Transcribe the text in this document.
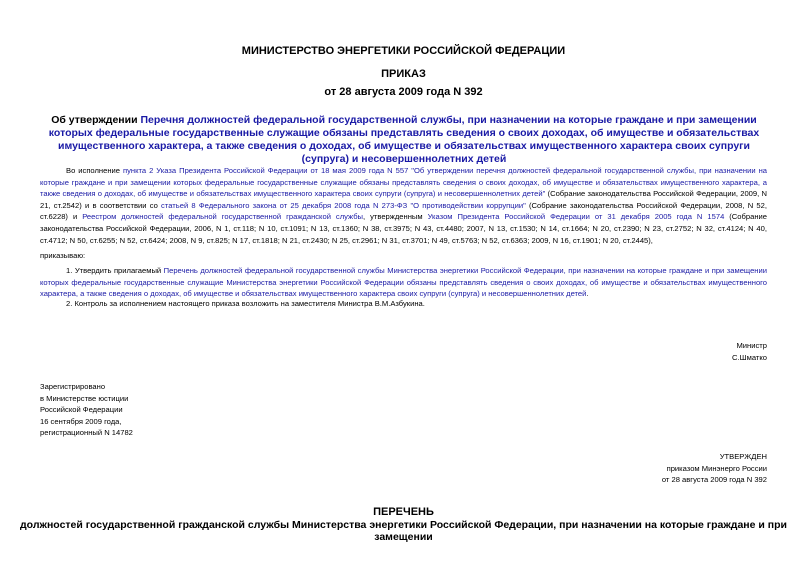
МИНИСТЕРСТВО ЭНЕРГЕТИКИ РОССИЙСКОЙ ФЕДЕРАЦИИ
ПРИКАЗ
от 28 августа 2009 года N 392
Об утверждении Перечня должностей федеральной государственной службы, при назначении на которые граждане и при замещении которых федеральные государственные служащие обязаны представлять сведения о своих доходах, об имуществе и обязательствах имущественного характера, а также сведения о доходах, об имуществе и обязательствах имущественного характера своих супруги (супруга) и несовершеннолетних детей
Во исполнение пункта 2 Указа Президента Российской Федерации от 18 мая 2009 года N 557 "Об утверждении перечня должностей федеральной государственной службы, при назначении на которые граждане и при замещении которых федеральные государственные служащие обязаны представлять сведения о своих доходах, об имуществе и обязательствах имущественного характера, а также сведения о доходах, об имуществе и обязательствах имущественного характера своих супруги (супруга) и несовершеннолетних детей" (Собрание законодательства Российской Федерации, 2009, N 21, ст.2542) и в соответствии со статьей 8 Федерального закона от 25 декабря 2008 года N 273-ФЗ "О противодействии коррупции" (Собрание законодательства Российской Федерации, 2008, N 52, ст.6228) и Реестром должностей федеральной государственной гражданской службы, утвержденным Указом Президента Российской Федерации от 31 декабря 2005 года N 1574 (Собрание законодательства Российской Федерации, 2006, N 1, ст.118; N 10, ст.1091; N 13, ст.1360; N 38, ст.3975; N 43, ст.4480; 2007, N 13, ст.1530; N 14, ст.1664; N 20, ст.2390; N 23, ст.2752; N 32, ст.4124; N 40, ст.4712; N 50, ст.6255; N 52, ст.6424; 2008, N 9, ст.825; N 17, ст.1818; N 21, ст.2430; N 25, ст.2961; N 31, ст.3701; N 49, ст.5763; N 52, ст.6363; 2009, N 16, ст.1901; N 20, ст.2445),
приказываю:
1. Утвердить прилагаемый Перечень должностей федеральной государственной службы Министерства энергетики Российской Федерации, при назначении на которые граждане и при замещении которых федеральные государственные служащие Министерства энергетики Российской Федерации обязаны представлять сведения о своих доходах, об имуществе и обязательствах имущественного характера, а также сведения о доходах, об имуществе и обязательствах имущественного характера своих супруги (супруга) и несовершеннолетних детей.
2. Контроль за исполнением настоящего приказа возложить на заместителя Министра В.М.Азбукина.
Министр
С.Шматко
Зарегистрировано
в Министерстве юстиции
Российской Федерации
16 сентября 2009 года,
регистрационный N 14782
УТВЕРЖДЕН
приказом Минэнерго России
от 28 августа 2009 года N 392
ПЕРЕЧЕНЬ
должностей государственной гражданской службы Министерства энергетики Российской Федерации, при назначении на которые граждане и при замещении
